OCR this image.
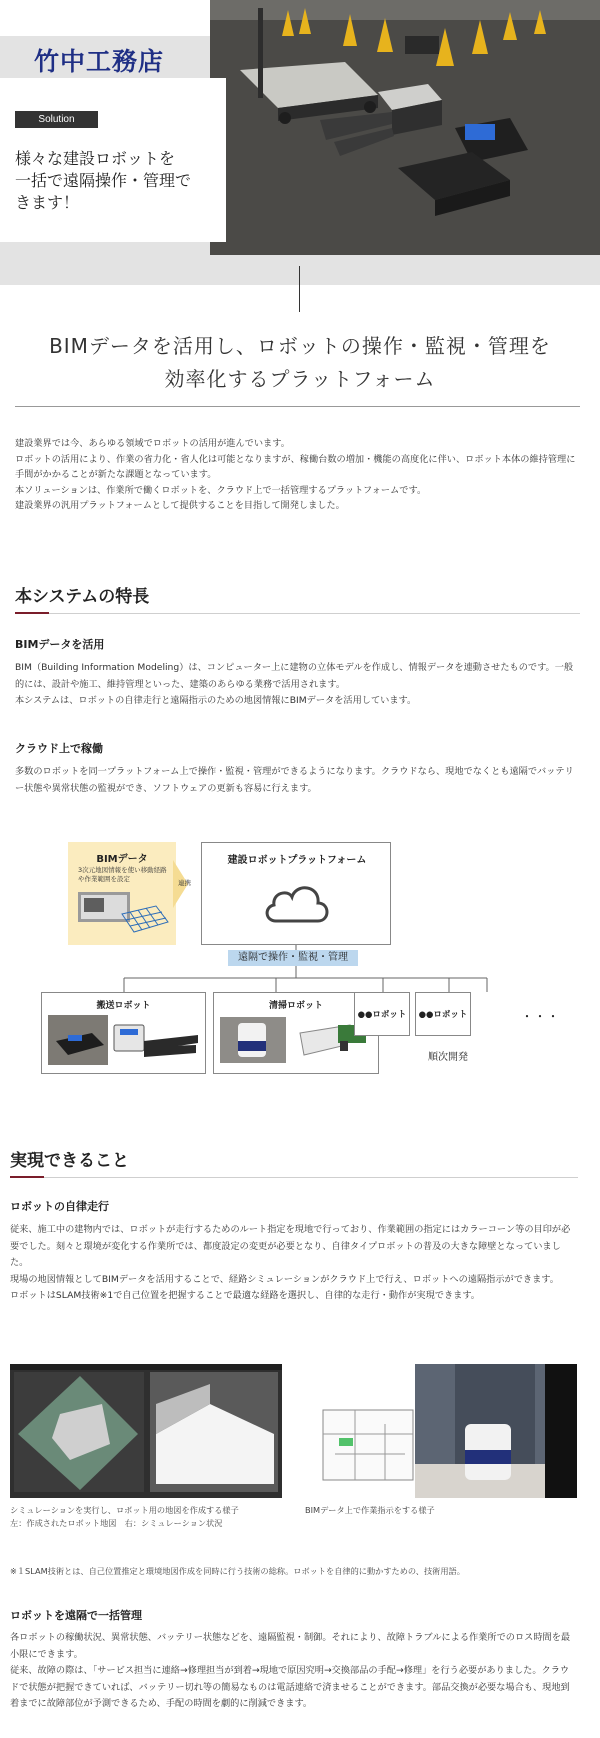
竹中工務店
Solution
様々な建設ロボットを
一括で遠隔操作・管理で
きます！
BIMデータを活用し、ロボットの操作・監視・管理を
効率化するプラットフォーム

建設業界では今、あらゆる領域でロボットの活用が進んでいます。

ロボットの活用により、作業の省力化・省人化は可能となりますが、稼働台数の増加・機能の高度化に伴い、ロボット本体の維持管理に手間がかかることが新たな課題となっています。

本ソリューションは、作業所で働くロボットを、クラウド上で一括管理するプラットフォームです。

建設業界の汎用プラットフォームとして提供することを目指して開発しました。

本システムの特長
BIMデータを活用

BIM（Building Information Modeling）は、コンピューター上に建物の立体モデルを作成し、情報データを連動させたものです。一般的には、設計や施工、維持管理といった、建築のあらゆる業務で活用されます。

本システムは、ロボットの自律走行と遠隔指示のための地図情報にBIMデータを活用しています。

クラウド上で稼働

多数のロボットを同一プラットフォーム上で操作・監視・管理ができるようになります。クラウドなら、現地でなくとも遠隔でバッテリー状態や異常状態の監視ができ、ソフトウェアの更新も容易に行えます。

BIMデータ
3次元地図情報を使い移動経路や作業範囲を設定	連携
建設ロボットプラットフォーム
遠隔で操作・監視・管理
搬送ロボット	清掃ロボット
●●ロボット	●●ロボット	・・・
順次開発
実現できること
ロボットの自律走行

従来、施工中の建物内では、ロボットが走行するためのルート指定を現地で行っており、作業範囲の指定にはカラーコーン等の目印が必要でした。刻々と環境が変化する作業所では、都度設定の変更が必要となり、自律タイプロボットの普及の大きな障壁となっていました。

現場の地図情報としてBIMデータを活用することで、経路シミュレーションがクラウド上で行え、ロボットへの遠隔指示ができます。

ロボットはSLAM技術※1で自己位置を把握することで最適な経路を選択し、自律的な走行・動作が実現できます。

シミュレーションを実行し、ロボット用の地図を作成する様子
左：作成されたロボット地図　右：シミュレーション状況
BIMデータ上で作業指示をする様子
※１SLAM技術とは、自己位置推定と環境地図作成を同時に行う技術の総称。ロボットを自律的に動かすための、技術用語。
ロボットを遠隔で一括管理

各ロボットの稼働状況、異常状態、バッテリー状態などを、遠隔監視・制御。それにより、故障トラブルによる作業所でのロス時間を最小限にできます。

従来、故障の際は、「サービス担当に連絡→修理担当が到着→現地で原因究明→交換部品の手配→修理」を行う必要がありました。クラウドで状態が把握できていれば、バッテリー切れ等の簡易なものは電話連絡で済ませることができます。部品交換が必要な場合も、現地到着までに故障部位が予測できるため、手配の時間を劇的に削減できます。
